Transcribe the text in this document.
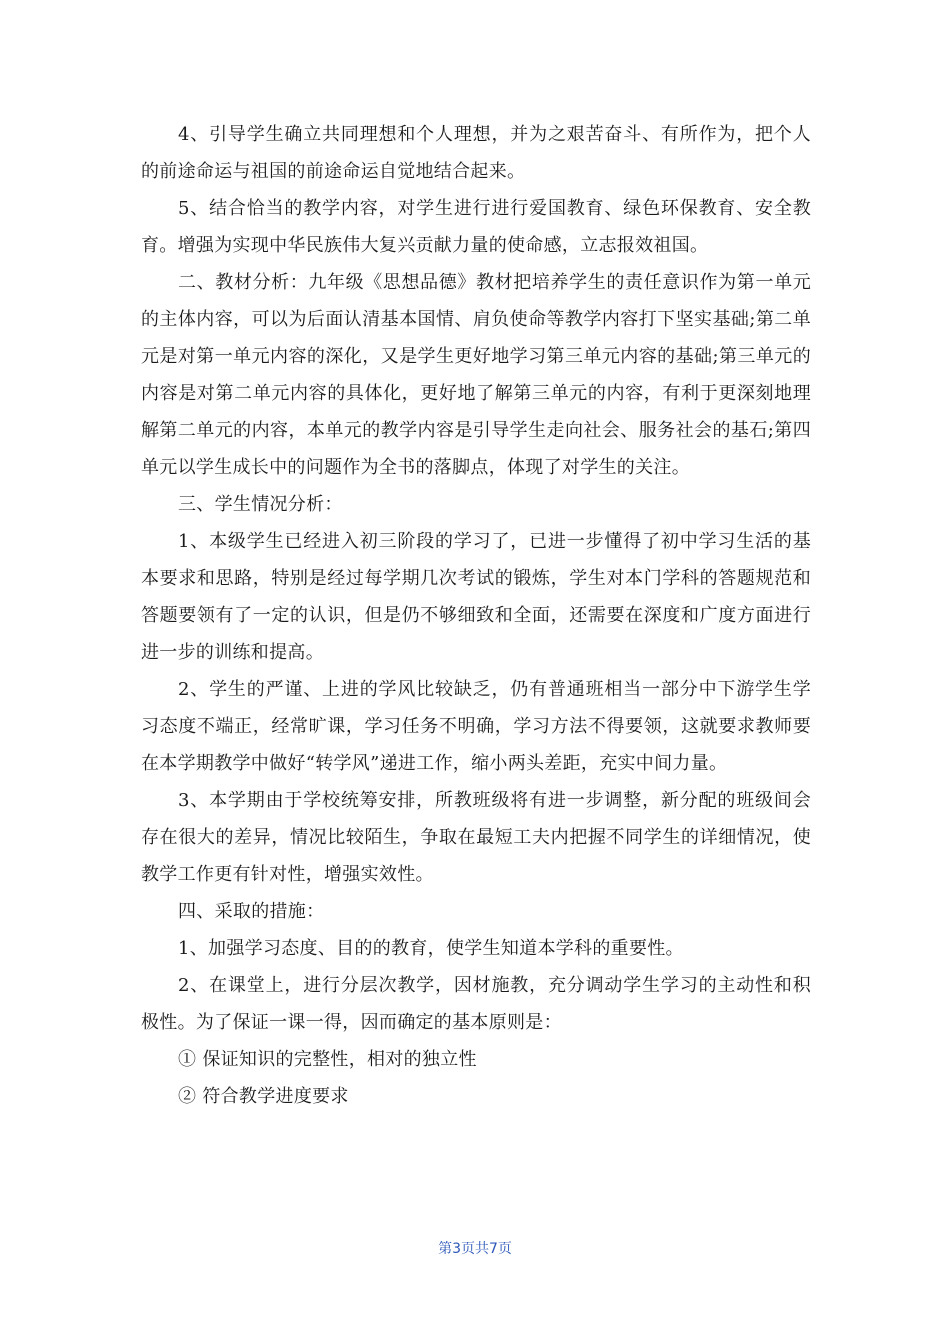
4、引导学生确立共同理想和个人理想，并为之艰苦奋斗、有所作为，把个人的前途命运与祖国的前途命运自觉地结合起来。

5、结合恰当的教学内容，对学生进行进行爱国教育、绿色环保教育、安全教育。增强为实现中华民族伟大复兴贡献力量的使命感，立志报效祖国。

二、教材分析：九年级《思想品德》教材把培养学生的责任意识作为第一单元的主体内容，可以为后面认清基本国情、肩负使命等教学内容打下坚实基础;第二单元是对第一单元内容的深化，又是学生更好地学习第三单元内容的基础;第三单元的内容是对第二单元内容的具体化，更好地了解第三单元的内容，有利于更深刻地理解第二单元的内容，本单元的教学内容是引导学生走向社会、服务社会的基石;第四单元以学生成长中的问题作为全书的落脚点，体现了对学生的关注。

三、学生情况分析：

1、本级学生已经进入初三阶段的学习了，已进一步懂得了初中学习生活的基本要求和思路，特别是经过每学期几次考试的锻炼，学生对本门学科的答题规范和答题要领有了一定的认识，但是仍不够细致和全面，还需要在深度和广度方面进行进一步的训练和提高。

2、学生的严谨、上进的学风比较缺乏，仍有普通班相当一部分中下游学生学习态度不端正，经常旷课，学习任务不明确，学习方法不得要领，这就要求教师要在本学期教学中做好“转学风”递进工作，缩小两头差距，充实中间力量。

3、本学期由于学校统筹安排，所教班级将有进一步调整，新分配的班级间会存在很大的差异，情况比较陌生，争取在最短工夫内把握不同学生的详细情况，使教学工作更有针对性，增强实效性。

四、采取的措施：

1、加强学习态度、目的的教育，使学生知道本学科的重要性。

2、在课堂上，进行分层次教学，因材施教，充分调动学生学习的主动性和积极性。为了保证一课一得，因而确定的基本原则是：

① 保证知识的完整性，相对的独立性

② 符合教学进度要求

第3页共7页
